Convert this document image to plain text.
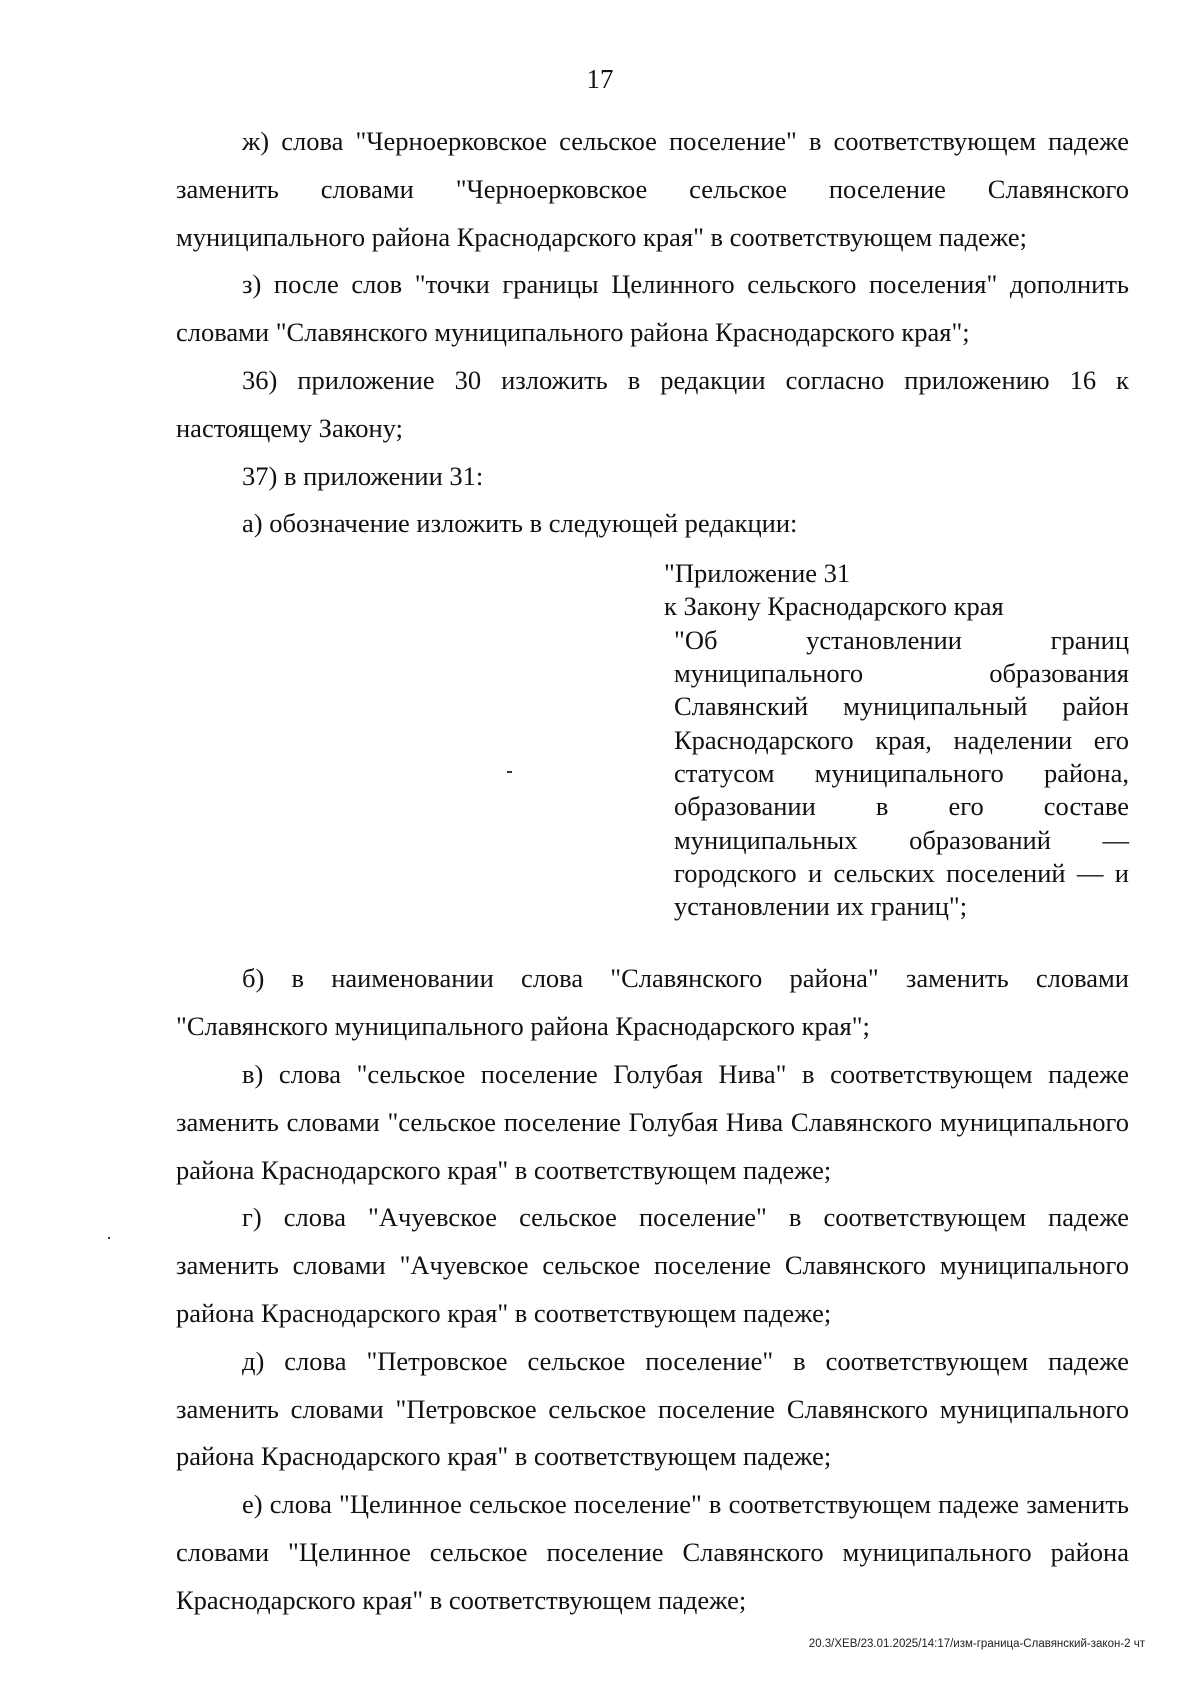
17

ж) слова "Черноерковское сельское поселение" в соответствующем падеже заменить словами "Черноерковское сельское поселение Славянского муниципального района Краснодарского края" в соответствующем падеже;

з) после слов "точки границы Целинного сельского поселения" дополнить словами "Славянского муниципального района Краснодарского края";

36) приложение 30 изложить в редакции согласно приложению 16 к настоящему Закону;

37) в приложении 31:

а) обозначение изложить в следующей редакции:

"Приложение 31

к Закону Краснодарского края

"Об установлении границ муниципального образования Славянский муниципальный район Краснодарского края, наделении его статусом муниципального района, образовании в его составе муниципальных образований — городского и сельских поселений — и установлении их границ";

б) в наименовании слова "Славянского района" заменить словами "Славянского муниципального района Краснодарского края";

в) слова "сельское поселение Голубая Нива" в соответствующем падеже заменить словами "сельское поселение Голубая Нива Славянского муниципального района Краснодарского края" в соответствующем падеже;

г) слова "Ачуевское сельское поселение" в соответствующем падеже заменить словами "Ачуевское сельское поселение Славянского муниципального района Краснодарского края" в соответствующем падеже;

д) слова "Петровское сельское поселение" в соответствующем падеже заменить словами "Петровское сельское поселение Славянского муниципального района Краснодарского края" в соответствующем падеже;

е) слова "Целинное сельское поселение" в соответствующем падеже заменить словами "Целинное сельское поселение Славянского муниципального района Краснодарского края" в соответствующем падеже;

20.3/ХЕВ/23.01.2025/14:17/изм-граница-Славянский-закон-2 чт
